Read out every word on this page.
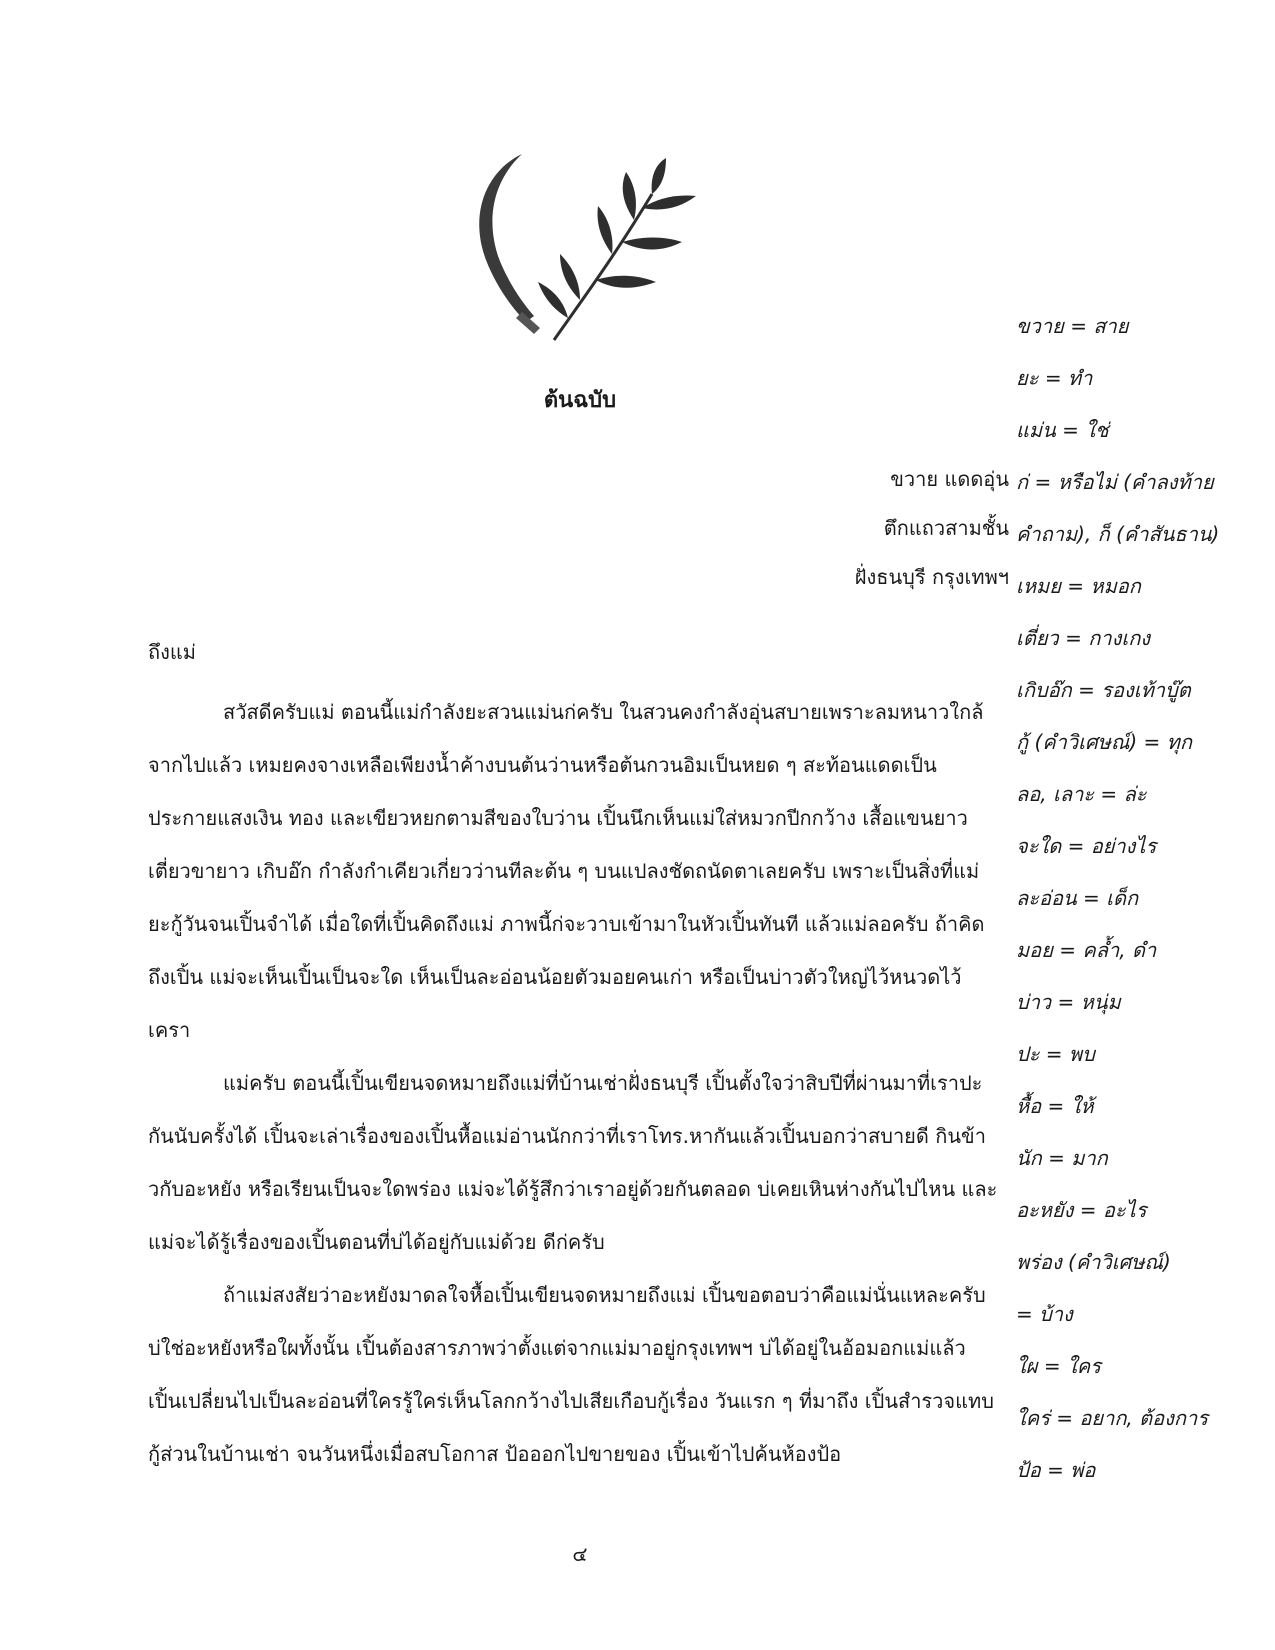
ต้นฉบับ
ขวาย แดดอุ่น
ตึกแถวสามชั้น
ฝั่งธนบุรี กรุงเทพฯ
ถึงแม่

สวัสดีครับแม่ ตอนนี้แม่กำลังยะสวนแม่นก่ครับ ในสวนคงกำลังอุ่นสบายเพราะลมหนาวใกล้จากไปแล้ว เหมยคงจางเหลือเพียงน้ำค้างบนต้นว่านหรือต้นกวนอิมเป็นหยด ๆ สะท้อนแดดเป็นประกายแสงเงิน ทอง และเขียวหยกตามสีของใบว่าน เปิ้นนึกเห็นแม่ใส่หมวกปีกกว้าง เสื้อแขนยาว เตี่ยวขายาว เกิบอ๊ก กำลังกำเคียวเกี่ยวว่านทีละต้น ๆ บนแปลงชัดถนัดตาเลยครับ เพราะเป็นสิ่งที่แม่ยะกู้วันจนเปิ้นจำได้ เมื่อใดที่เปิ้นคิดถึงแม่ ภาพนี้ก่จะวาบเข้ามาในหัวเปิ้นทันที แล้วแม่ลอครับ ถ้าคิดถึงเปิ้น แม่จะเห็นเปิ้นเป็นจะใด เห็นเป็นละอ่อนน้อยตัวมอยคนเก่า หรือเป็นบ่าวตัวใหญ่ไว้หนวดไว้เครา

แม่ครับ ตอนนี้เปิ้นเขียนจดหมายถึงแม่ที่บ้านเช่าฝั่งธนบุรี เปิ้นตั้งใจว่าสิบปีที่ผ่านมาที่เราปะกันนับครั้งได้ เปิ้นจะเล่าเรื่องของเปิ้นหื้อแม่อ่านนักกว่าที่เราโทร.หากันแล้วเปิ้นบอกว่าสบายดี กินข้าวกับอะหยัง หรือเรียนเป็นจะใดพร่อง แม่จะได้รู้สึกว่าเราอยู่ด้วยกันตลอด บ่เคยเหินห่างกันไปไหน และแม่จะได้รู้เรื่องของเปิ้นตอนที่บ่ได้อยู่กับแม่ด้วย ดีก่ครับ

ถ้าแม่สงสัยว่าอะหยังมาดลใจหื้อเปิ้นเขียนจดหมายถึงแม่ เปิ้นขอตอบว่าคือแม่นั่นแหละครับ บ่ใช่อะหยังหรือใผทั้งนั้น เปิ้นต้องสารภาพว่าตั้งแต่จากแม่มาอยู่กรุงเทพฯ บ่ได้อยู่ในอ้อมอกแม่แล้ว เปิ้นเปลี่ยนไปเป็นละอ่อนที่ใครรู้ใคร่เห็นโลกกว้างไปเสียเกือบกู้เรื่อง วันแรก ๆ ที่มาถึง เปิ้นสำรวจแทบกู้ส่วนในบ้านเช่า จนวันหนึ่งเมื่อสบโอกาส ป้อออกไปขายของ เปิ้นเข้าไปค้นห้องป้อ

ขวาย = สาย
ยะ = ทำ
แม่น = ใช่
ก่ = หรือไม่ (คำลงท้าย
คำถาม), ก็ (คำสันธาน)
เหมย = หมอก
เตี่ยว = กางเกง
เกิบอ๊ก = รองเท้าบู๊ต
กู้ (คำวิเศษณ์) = ทุก
ลอ, เลาะ = ล่ะ
จะใด = อย่างไร
ละอ่อน = เด็ก
มอย = คล้ำ, ดำ
บ่าว = หนุ่ม
ปะ = พบ
หื้อ = ให้
นัก = มาก
อะหยัง = อะไร
พร่อง (คำวิเศษณ์)
= บ้าง
ใผ = ใคร
ใคร่ = อยาก, ต้องการ
ป้อ = พ่อ
๔
